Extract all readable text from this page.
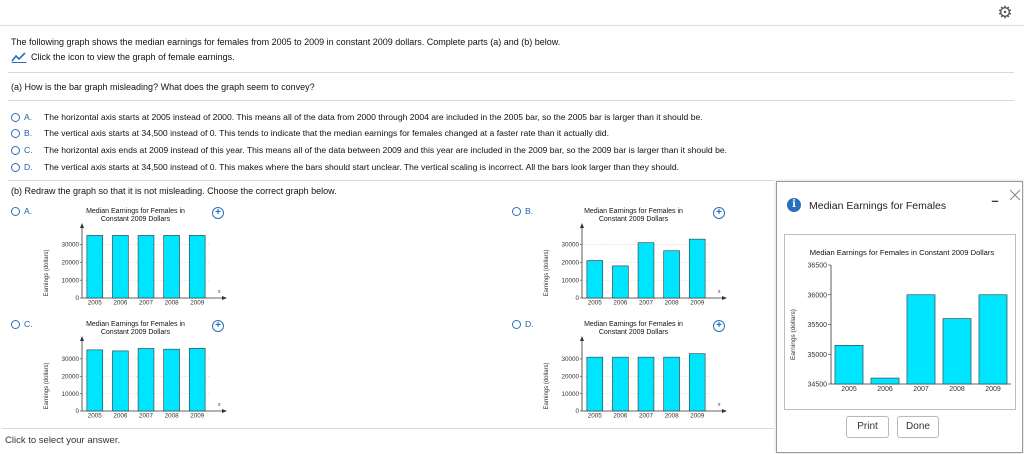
⚙
The following graph shows the median earnings for females from 2005 to 2009 in constant 2009 dollars. Complete parts (a) and (b) below.
Click the icon to view the graph of female earnings.
(a) How is the bar graph misleading? What does the graph seem to convey?
A.	The horizontal axis starts at 2005 instead of 2000. This means all of the data from 2000 through 2004 are included in the 2005 bar, so the 2005 bar is larger than it should be.
B.	The vertical axis starts at 34,500 instead of 0. This tends to indicate that the median earnings for females changed at a faster rate than it actually did.
C.	The horizontal axis ends at 2009 instead of this year. This means all of the data between 2009 and this year are included in the 2009 bar, so the 2009 bar is larger than it should be.
D.	The vertical axis starts at 34,500 instead of 0. This makes where the bars should start unclear. The vertical scaling is incorrect. All the bars look larger than they should.
(b) Redraw the graph so that it is not misleading. Choose the correct graph below.
A.	Median Earnings for Females in
Constant 2009 Dollars
+
Earnings (dollars)	x
0
10000
20000
30000
2005 2006 2007 2008 2009
B.	Median Earnings for Females in
Constant 2009 Dollars
+
Earnings (dollars)	x
0
10000
20000
30000
2005 2006 2007 2008 2009
C.	Median Earnings for Females in
Constant 2009 Dollars
+
Earnings (dollars)	x
0
10000
20000
30000
2005 2006 2007 2008 2009
D.	Median Earnings for Females in
Constant 2009 Dollars
+
Earnings (dollars)	x
0
10000
20000
30000
2005 2006 2007 2008 2009
Click to select your answer.
i	Median Earnings for Females	–
Median Earnings for Females in Constant 2009 Dollars
Earnings (dollars)
34500
35000
35500
36000
36500
2005	2006	2007	2008	2009
Print	Done
